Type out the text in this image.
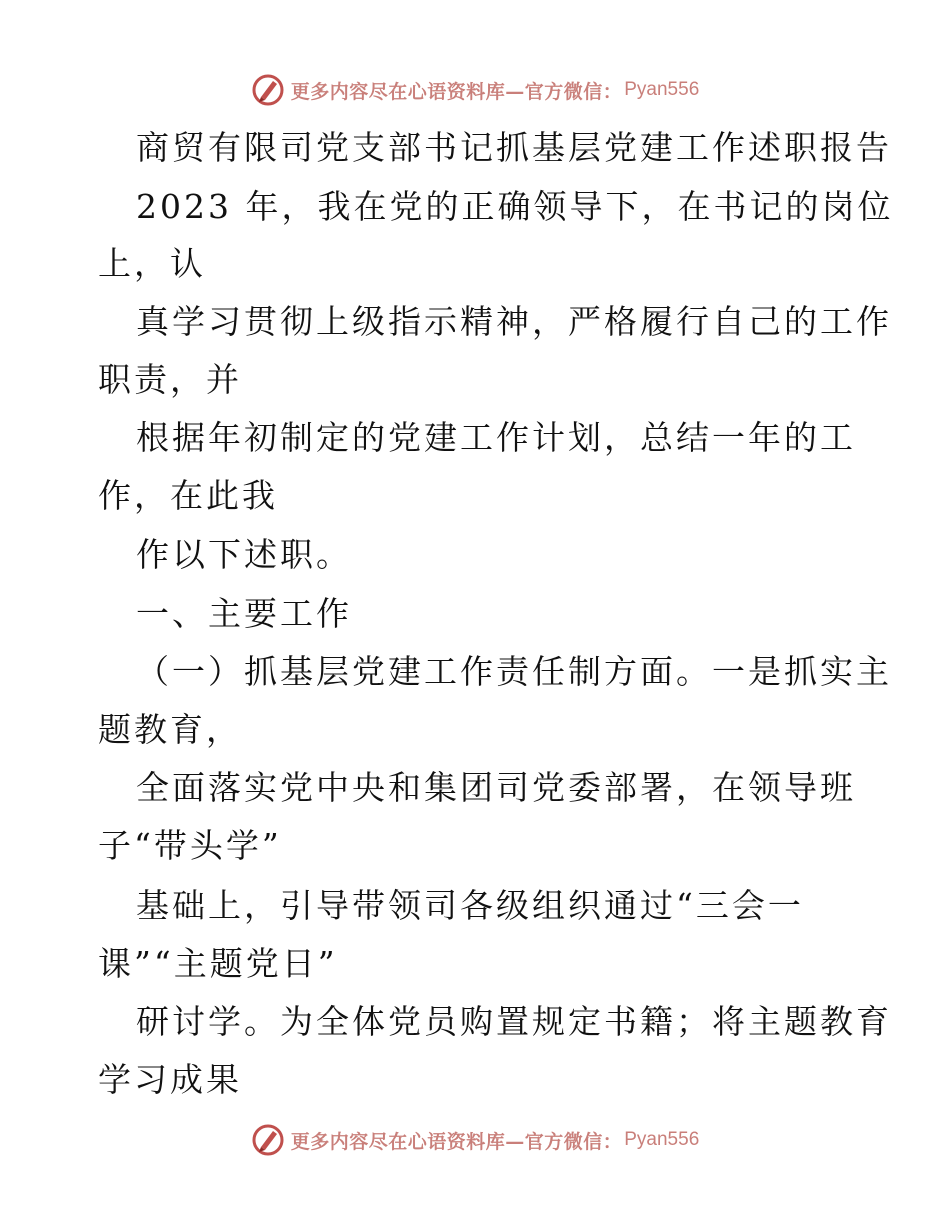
更多内容尽在心语资料库—官方微信： Pyan556
商贸有限司党支部书记抓基层党建工作述职报告
2023 年，我在党的正确领导下，在书记的岗位
上，认
真学习贯彻上级指示精神，严格履行自己的工作
职责，并
根据年初制定的党建工作计划，总结一年的工
作，在此我
作以下述职。
一、主要工作
（一）抓基层党建工作责任制方面。一是抓实主
题教育，
全面落实党中央和集团司党委部署，在领导班
子“带头学”
基础上，引导带领司各级组织通过“三会一
课”“主题党日”
研讨学。为全体党员购置规定书籍；将主题教育
学习成果
更多内容尽在心语资料库—官方微信： Pyan556
